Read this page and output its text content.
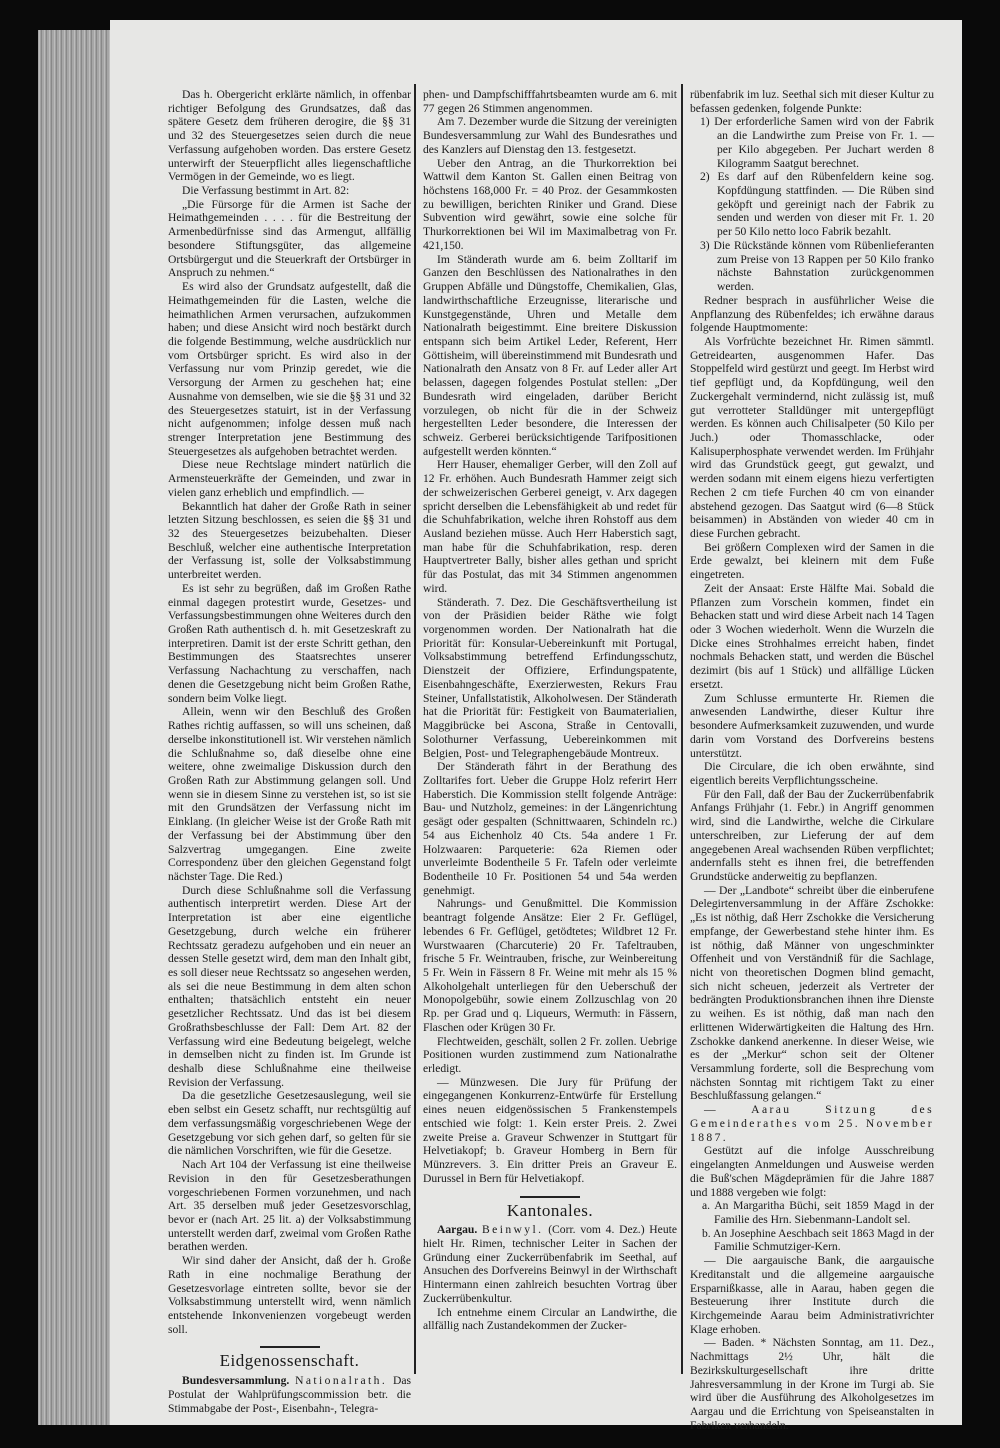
Das h. Obergericht erklärte nämlich, in offenbar richtiger Befolgung des Grundsatzes, daß das spätere Gesetz dem früheren derogire, die §§ 31 und 32 des Steuergesetzes seien durch die neue Verfassung aufgehoben worden. Das erstere Gesetz unterwirft der Steuerpflicht alles liegenschaftliche Vermögen in der Gemeinde, wo es liegt.

Die Verfassung bestimmt in Art. 82:

„Die Fürsorge für die Armen ist Sache der Heimathgemeinden . . . . für die Bestreitung der Armenbedürfnisse sind das Armengut, allfällig besondere Stiftungsgüter, das allgemeine Ortsbürgergut und die Steuerkraft der Ortsbürger in Anspruch zu nehmen.“

Es wird also der Grundsatz aufgestellt, daß die Heimathgemeinden für die Lasten, welche die heimathlichen Armen verursachen, aufzukommen haben; und diese Ansicht wird noch bestärkt durch die folgende Bestimmung, welche ausdrücklich nur vom Ortsbürger spricht. Es wird also in der Verfassung nur vom Prinzip geredet, wie die Versorgung der Armen zu geschehen hat; eine Ausnahme von demselben, wie sie die §§ 31 und 32 des Steuergesetzes statuirt, ist in der Verfassung nicht aufgenommen; infolge dessen muß nach strenger Interpretation jene Bestimmung des Steuergesetzes als aufgehoben betrachtet werden.

Diese neue Rechtslage mindert natürlich die Armensteuerkräfte der Gemeinden, und zwar in vielen ganz erheblich und empfindlich. —

Bekanntlich hat daher der Große Rath in seiner letzten Sitzung beschlossen, es seien die §§ 31 und 32 des Steuergesetzes beizubehalten. Dieser Beschluß, welcher eine authentische Interpretation der Verfassung ist, solle der Volksabstimmung unterbreitet werden.

Es ist sehr zu begrüßen, daß im Großen Rathe einmal dagegen protestirt wurde, Gesetzes- und Verfassungsbestimmungen ohne Weiteres durch den Großen Rath authentisch d. h. mit Gesetzeskraft zu interpretiren. Damit ist der erste Schritt gethan, den Bestimmungen des Staatsrechtes unserer Verfassung Nachachtung zu verschaffen, nach denen die Gesetzgebung nicht beim Großen Rathe, sondern beim Volke liegt.

Allein, wenn wir den Beschluß des Großen Rathes richtig auffassen, so will uns scheinen, daß derselbe inkonstitutionell ist. Wir verstehen nämlich die Schlußnahme so, daß dieselbe ohne eine weitere, ohne zweimalige Diskussion durch den Großen Rath zur Abstimmung gelangen soll. Und wenn sie in diesem Sinne zu verstehen ist, so ist sie mit den Grundsätzen der Verfassung nicht im Einklang. (In gleicher Weise ist der Große Rath mit der Verfassung bei der Abstimmung über den Salzvertrag umgegangen. Eine zweite Correspondenz über den gleichen Gegenstand folgt nächster Tage. Die Red.)

Durch diese Schlußnahme soll die Verfassung authentisch interpretirt werden. Diese Art der Interpretation ist aber eine eigentliche Gesetzgebung, durch welche ein früherer Rechtssatz geradezu aufgehoben und ein neuer an dessen Stelle gesetzt wird, dem man den Inhalt gibt, es soll dieser neue Rechtssatz so angesehen werden, als sei die neue Bestimmung in dem alten schon enthalten; thatsächlich entsteht ein neuer gesetzlicher Rechtssatz. Und das ist bei diesem Großrathsbeschlusse der Fall: Dem Art. 82 der Verfassung wird eine Bedeutung beigelegt, welche in demselben nicht zu finden ist. Im Grunde ist deshalb diese Schlußnahme eine theilweise Revision der Verfassung.

Da die gesetzliche Gesetzesauslegung, weil sie eben selbst ein Gesetz schafft, nur rechtsgültig auf dem verfassungsmäßig vorgeschriebenen Wege der Gesetzgebung vor sich gehen darf, so gelten für sie die nämlichen Vorschriften, wie für die Gesetze.

Nach Art 104 der Verfassung ist eine theilweise Revision in den für Gesetzesberathungen vorgeschriebenen Formen vorzunehmen, und nach Art. 35 derselben muß jeder Gesetzesvorschlag, bevor er (nach Art. 25 lit. a) der Volksabstimmung unterstellt werden darf, zweimal vom Großen Rathe berathen werden.

Wir sind daher der Ansicht, daß der h. Große Rath in eine nochmalige Berathung der Gesetzesvorlage eintreten sollte, bevor sie der Volksabstimmung unterstellt wird, wenn nämlich entstehende Inkonvenienzen vorgebeugt werden soll.

Eidgenossenschaft.

Bundesversammlung. Nationalrath. Das Postulat der Wahlprüfungscommission betr. die Stimmabgabe der Post-, Eisenbahn-, Telegra-

phen- und Dampfschifffahrtsbeamten wurde am 6. mit 77 gegen 26 Stimmen angenommen.

Am 7. Dezember wurde die Sitzung der vereinigten Bundesversammlung zur Wahl des Bundesrathes und des Kanzlers auf Dienstag den 13. festgesetzt.

Ueber den Antrag, an die Thurkorrektion bei Wattwil dem Kanton St. Gallen einen Beitrag von höchstens 168,000 Fr. = 40 Proz. der Gesammkosten zu bewilligen, berichten Riniker und Grand. Diese Subvention wird gewährt, sowie eine solche für Thurkorrektionen bei Wil im Maximalbetrag von Fr. 421,150.

Im Ständerath wurde am 6. beim Zolltarif im Ganzen den Beschlüssen des Nationalrathes in den Gruppen Abfälle und Düngstoffe, Chemikalien, Glas, landwirthschaftliche Erzeugnisse, literarische und Kunstgegenstände, Uhren und Metalle dem Nationalrath beigestimmt. Eine breitere Diskussion entspann sich beim Artikel Leder, Referent, Herr Göttisheim, will übereinstimmend mit Bundesrath und Nationalrath den Ansatz von 8 Fr. auf Leder aller Art belassen, dagegen folgendes Postulat stellen: „Der Bundesrath wird eingeladen, darüber Bericht vorzulegen, ob nicht für die in der Schweiz hergestellten Leder besondere, die Interessen der schweiz. Gerberei berücksichtigende Tarifpositionen aufgestellt werden könnten.“

Herr Hauser, ehemaliger Gerber, will den Zoll auf 12 Fr. erhöhen. Auch Bundesrath Hammer zeigt sich der schweizerischen Gerberei geneigt, v. Arx dagegen spricht derselben die Lebensfähigkeit ab und redet für die Schuhfabrikation, welche ihren Rohstoff aus dem Ausland beziehen müsse. Auch Herr Haberstich sagt, man habe für die Schuhfabrikation, resp. deren Hauptvertreter Bally, bisher alles gethan und spricht für das Postulat, das mit 34 Stimmen angenommen wird.

Ständerath. 7. Dez. Die Geschäftsvertheilung ist von der Präsidien beider Räthe wie folgt vorgenommen worden. Der Nationalrath hat die Priorität für: Konsular-Uebereinkunft mit Portugal, Volksabstimmung betreffend Erfindungsschutz, Dienstzeit der Offiziere, Erfindungspatente, Eisenbahngeschäfte, Exerzierwesten, Rekurs Frau Steiner, Unfallstatistik, Alkoholwesen. Der Ständerath hat die Priorität für: Festigkeit von Baumaterialien, Maggibrücke bei Ascona, Straße in Centovalli, Solothurner Verfassung, Uebereinkommen mit Belgien, Post- und Telegraphengebäude Montreux.

Der Ständerath fährt in der Berathung des Zolltarifes fort. Ueber die Gruppe Holz referirt Herr Haberstich. Die Kommission stellt folgende Anträge: Bau- und Nutzholz, gemeines: in der Längenrichtung gesägt oder gespalten (Schnittwaaren, Schindeln rc.) 54 aus Eichenholz 40 Cts. 54a andere 1 Fr. Holzwaaren: Parqueterie: 62a Riemen oder unverleimte Bodentheile 5 Fr. Tafeln oder verleimte Bodentheile 10 Fr. Positionen 54 und 54a werden genehmigt.

Nahrungs- und Genußmittel. Die Kommission beantragt folgende Ansätze: Eier 2 Fr. Geflügel, lebendes 6 Fr. Geflügel, getödtetes; Wildbret 12 Fr. Wurstwaaren (Charcuterie) 20 Fr. Tafeltrauben, frische 5 Fr. Weintrauben, frische, zur Weinbereitung 5 Fr. Wein in Fässern 8 Fr. Weine mit mehr als 15 % Alkoholgehalt unterliegen für den Ueberschuß der Monopolgebühr, sowie einem Zollzuschlag von 20 Rp. per Grad und q. Liqueurs, Wermuth: in Fässern, Flaschen oder Krügen 30 Fr.

Flechtweiden, geschält, sollen 2 Fr. zollen. Uebrige Positionen wurden zustimmend zum Nationalrathe erledigt.

— Münzwesen. Die Jury für Prüfung der eingegangenen Konkurrenz-Entwürfe für Erstellung eines neuen eidgenössischen 5 Frankenstempels entschied wie folgt: 1. Kein erster Preis. 2. Zwei zweite Preise a. Graveur Schwenzer in Stuttgart für Helvetiakopf; b. Graveur Homberg in Bern für Münzrevers. 3. Ein dritter Preis an Graveur E. Durussel in Bern für Helvetiakopf.

Kantonales.

Aargau. Beinwyl. (Corr. vom 4. Dez.) Heute hielt Hr. Rimen, technischer Leiter in Sachen der Gründung einer Zuckerrübenfabrik im Seethal, auf Ansuchen des Dorfvereins Beinwyl in der Wirthschaft Hintermann einen zahlreich besuchten Vortrag über Zuckerrübenkultur.

Ich entnehme einem Circular an Landwirthe, die allfällig nach Zustandekommen der Zucker-

rübenfabrik im luz. Seethal sich mit dieser Kultur zu befassen gedenken, folgende Punkte:

1) Der erforderliche Samen wird von der Fabrik an die Landwirthe zum Preise von Fr. 1. — per Kilo abgegeben. Per Juchart werden 8 Kilogramm Saatgut berechnet.

2) Es darf auf den Rübenfeldern keine sog. Kopfdüngung stattfinden. — Die Rüben sind geköpft und gereinigt nach der Fabrik zu senden und werden von dieser mit Fr. 1. 20 per 50 Kilo netto loco Fabrik bezahlt.

3) Die Rückstände können vom Rübenlieferanten zum Preise von 13 Rappen per 50 Kilo franko nächste Bahnstation zurückgenommen werden.

Redner besprach in ausführlicher Weise die Anpflanzung des Rübenfeldes; ich erwähne daraus folgende Hauptmomente:

Als Vorfrüchte bezeichnet Hr. Rimen sämmtl. Getreidearten, ausgenommen Hafer. Das Stoppelfeld wird gestürzt und geegt. Im Herbst wird tief gepflügt und, da Kopfdüngung, weil den Zuckergehalt vermindernd, nicht zulässig ist, muß gut verrotteter Stalldünger mit untergepflügt werden. Es können auch Chilisalpeter (50 Kilo per Juch.) oder Thomasschlacke, oder Kalisuperphosphate verwendet werden. Im Frühjahr wird das Grundstück geegt, gut gewalzt, und werden sodann mit einem eigens hiezu verfertigten Rechen 2 cm tiefe Furchen 40 cm von einander abstehend gezogen. Das Saatgut wird (6—8 Stück beisammen) in Abständen von wieder 40 cm in diese Furchen gebracht.

Bei größern Complexen wird der Samen in die Erde gewalzt, bei kleinern mit dem Fuße eingetreten.

Zeit der Ansaat: Erste Hälfte Mai. Sobald die Pflanzen zum Vorschein kommen, findet ein Behacken statt und wird diese Arbeit nach 14 Tagen oder 3 Wochen wiederholt. Wenn die Wurzeln die Dicke eines Strohhalmes erreicht haben, findet nochmals Behacken statt, und werden die Büschel dezimirt (bis auf 1 Stück) und allfällige Lücken ersetzt.

Zum Schlusse ermunterte Hr. Riemen die anwesenden Landwirthe, dieser Kultur ihre besondere Aufmerksamkeit zuzuwenden, und wurde darin vom Vorstand des Dorfvereins bestens unterstützt.

Die Circulare, die ich oben erwähnte, sind eigentlich bereits Verpflichtungsscheine.

Für den Fall, daß der Bau der Zuckerrübenfabrik Anfangs Frühjahr (1. Febr.) in Angriff genommen wird, sind die Landwirthe, welche die Cirkulare unterschreiben, zur Lieferung der auf dem angegebenen Areal wachsenden Rüben verpflichtet; andernfalls steht es ihnen frei, die betreffenden Grundstücke anderweitig zu bepflanzen.

— Der „Landbote“ schreibt über die einberufene Delegirtenversammlung in der Affäre Zschokke: „Es ist nöthig, daß Herr Zschokke die Versicherung empfange, der Gewerbestand stehe hinter ihm. Es ist nöthig, daß Männer von ungeschminkter Offenheit und von Verständniß für die Sachlage, nicht von theoretischen Dogmen blind gemacht, sich nicht scheuen, jederzeit als Vertreter der bedrängten Produktionsbranchen ihnen ihre Dienste zu weihen. Es ist nöthig, daß man nach den erlittenen Widerwärtigkeiten die Haltung des Hrn. Zschokke dankend anerkenne. In dieser Weise, wie es der „Merkur“ schon seit der Oltener Versammlung forderte, soll die Besprechung vom nächsten Sonntag mit richtigem Takt zu einer Beschlußfassung gelangen.“

— Aarau Sitzung des Gemeinderathes vom 25. November 1887.

Gestützt auf die infolge Ausschreibung eingelangten Anmeldungen und Ausweise werden die Buß'schen Mägdeprämien für die Jahre 1887 und 1888 vergeben wie folgt:

a. An Margaritha Büchi, seit 1859 Magd in der Familie des Hrn. Siebenmann-Landolt sel.

b. An Josephine Aeschbach seit 1863 Magd in der Familie Schmutziger-Kern.

— Die aargauische Bank, die aargauische Kreditanstalt und die allgemeine aargauische Ersparnißkasse, alle in Aarau, haben gegen die Besteuerung ihrer Institute durch die Kirchgemeinde Aarau beim Administrativrichter Klage erhoben.

— Baden. * Nächsten Sonntag, am 11. Dez., Nachmittags 2½ Uhr, hält die Bezirkskulturgesellschaft ihre dritte Jahresversammlung in der Krone im Turgi ab. Sie wird über die Ausführung des Alkoholgesetzes im Aargau und die Errichtung von Speiseanstalten in Fabriken verhandeln.
